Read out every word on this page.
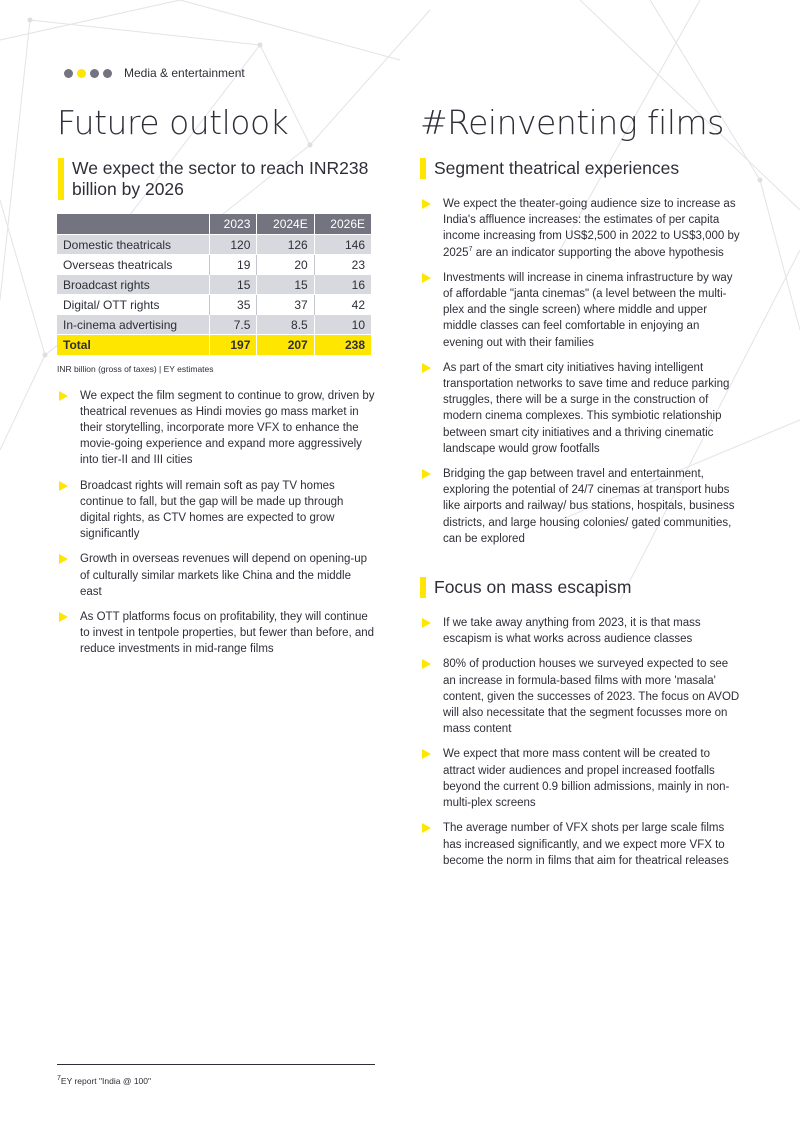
Media & entertainment
Future outlook
We expect the sector to reach INR238 billion by 2026
	2023	2024E	2026E
Domestic theatricals	120	126	146
Overseas theatricals	19	20	23
Broadcast rights	15	15	16
Digital/ OTT rights	35	37	42
In-cinema advertising	7.5	8.5	10
Total	197	207	238
INR billion (gross of taxes) | EY estimates
We expect the film segment to continue to grow, driven by theatrical revenues as Hindi movies go mass market in their storytelling, incorporate more VFX to enhance the movie-going experience and expand more aggressively into tier-II and III cities
Broadcast rights will remain soft as pay TV homes continue to fall, but the gap will be made up through digital rights, as CTV homes are expected to grow significantly
Growth in overseas revenues will depend on opening-up of culturally similar markets like China and the middle east
As OTT platforms focus on profitability, they will continue to invest in tentpole properties, but fewer than before, and reduce investments in mid-range films
#Reinventing films
Segment theatrical experiences
We expect the theater-going audience size to increase as India's affluence increases: the estimates of per capita income increasing from US$2,500 in 2022 to US$3,000 by 2025$^7$ are an indicator supporting the above hypothesis
Investments will increase in cinema infrastructure by way of affordable "janta cinemas" (a level between the multi-plex and the single screen) where middle and upper middle classes can feel comfortable in enjoying an evening out with their families
As part of the smart city initiatives having intelligent transportation networks to save time and reduce parking struggles, there will be a surge in the construction of modern cinema complexes. This symbiotic relationship between smart city initiatives and a thriving cinematic landscape would grow footfalls
Bridging the gap between travel and entertainment, exploring the potential of 24/7 cinemas at transport hubs like airports and railway/ bus stations, hospitals, business districts, and large housing colonies/ gated communities, can be explored
Focus on mass escapism
If we take away anything from 2023, it is that mass escapism is what works across audience classes
80% of production houses we surveyed expected to see an increase in formula-based films with more 'masala' content, given the successes of 2023. The focus on AVOD will also necessitate that the segment focusses more on mass content
We expect that more mass content will be created to attract wider audiences and propel increased footfalls beyond the current 0.9 billion admissions, mainly in non-multi-plex screens
The average number of VFX shots per large scale films has increased significantly, and we expect more VFX to become the norm in films that aim for theatrical releases
$^7$EY report "India @ 100"
